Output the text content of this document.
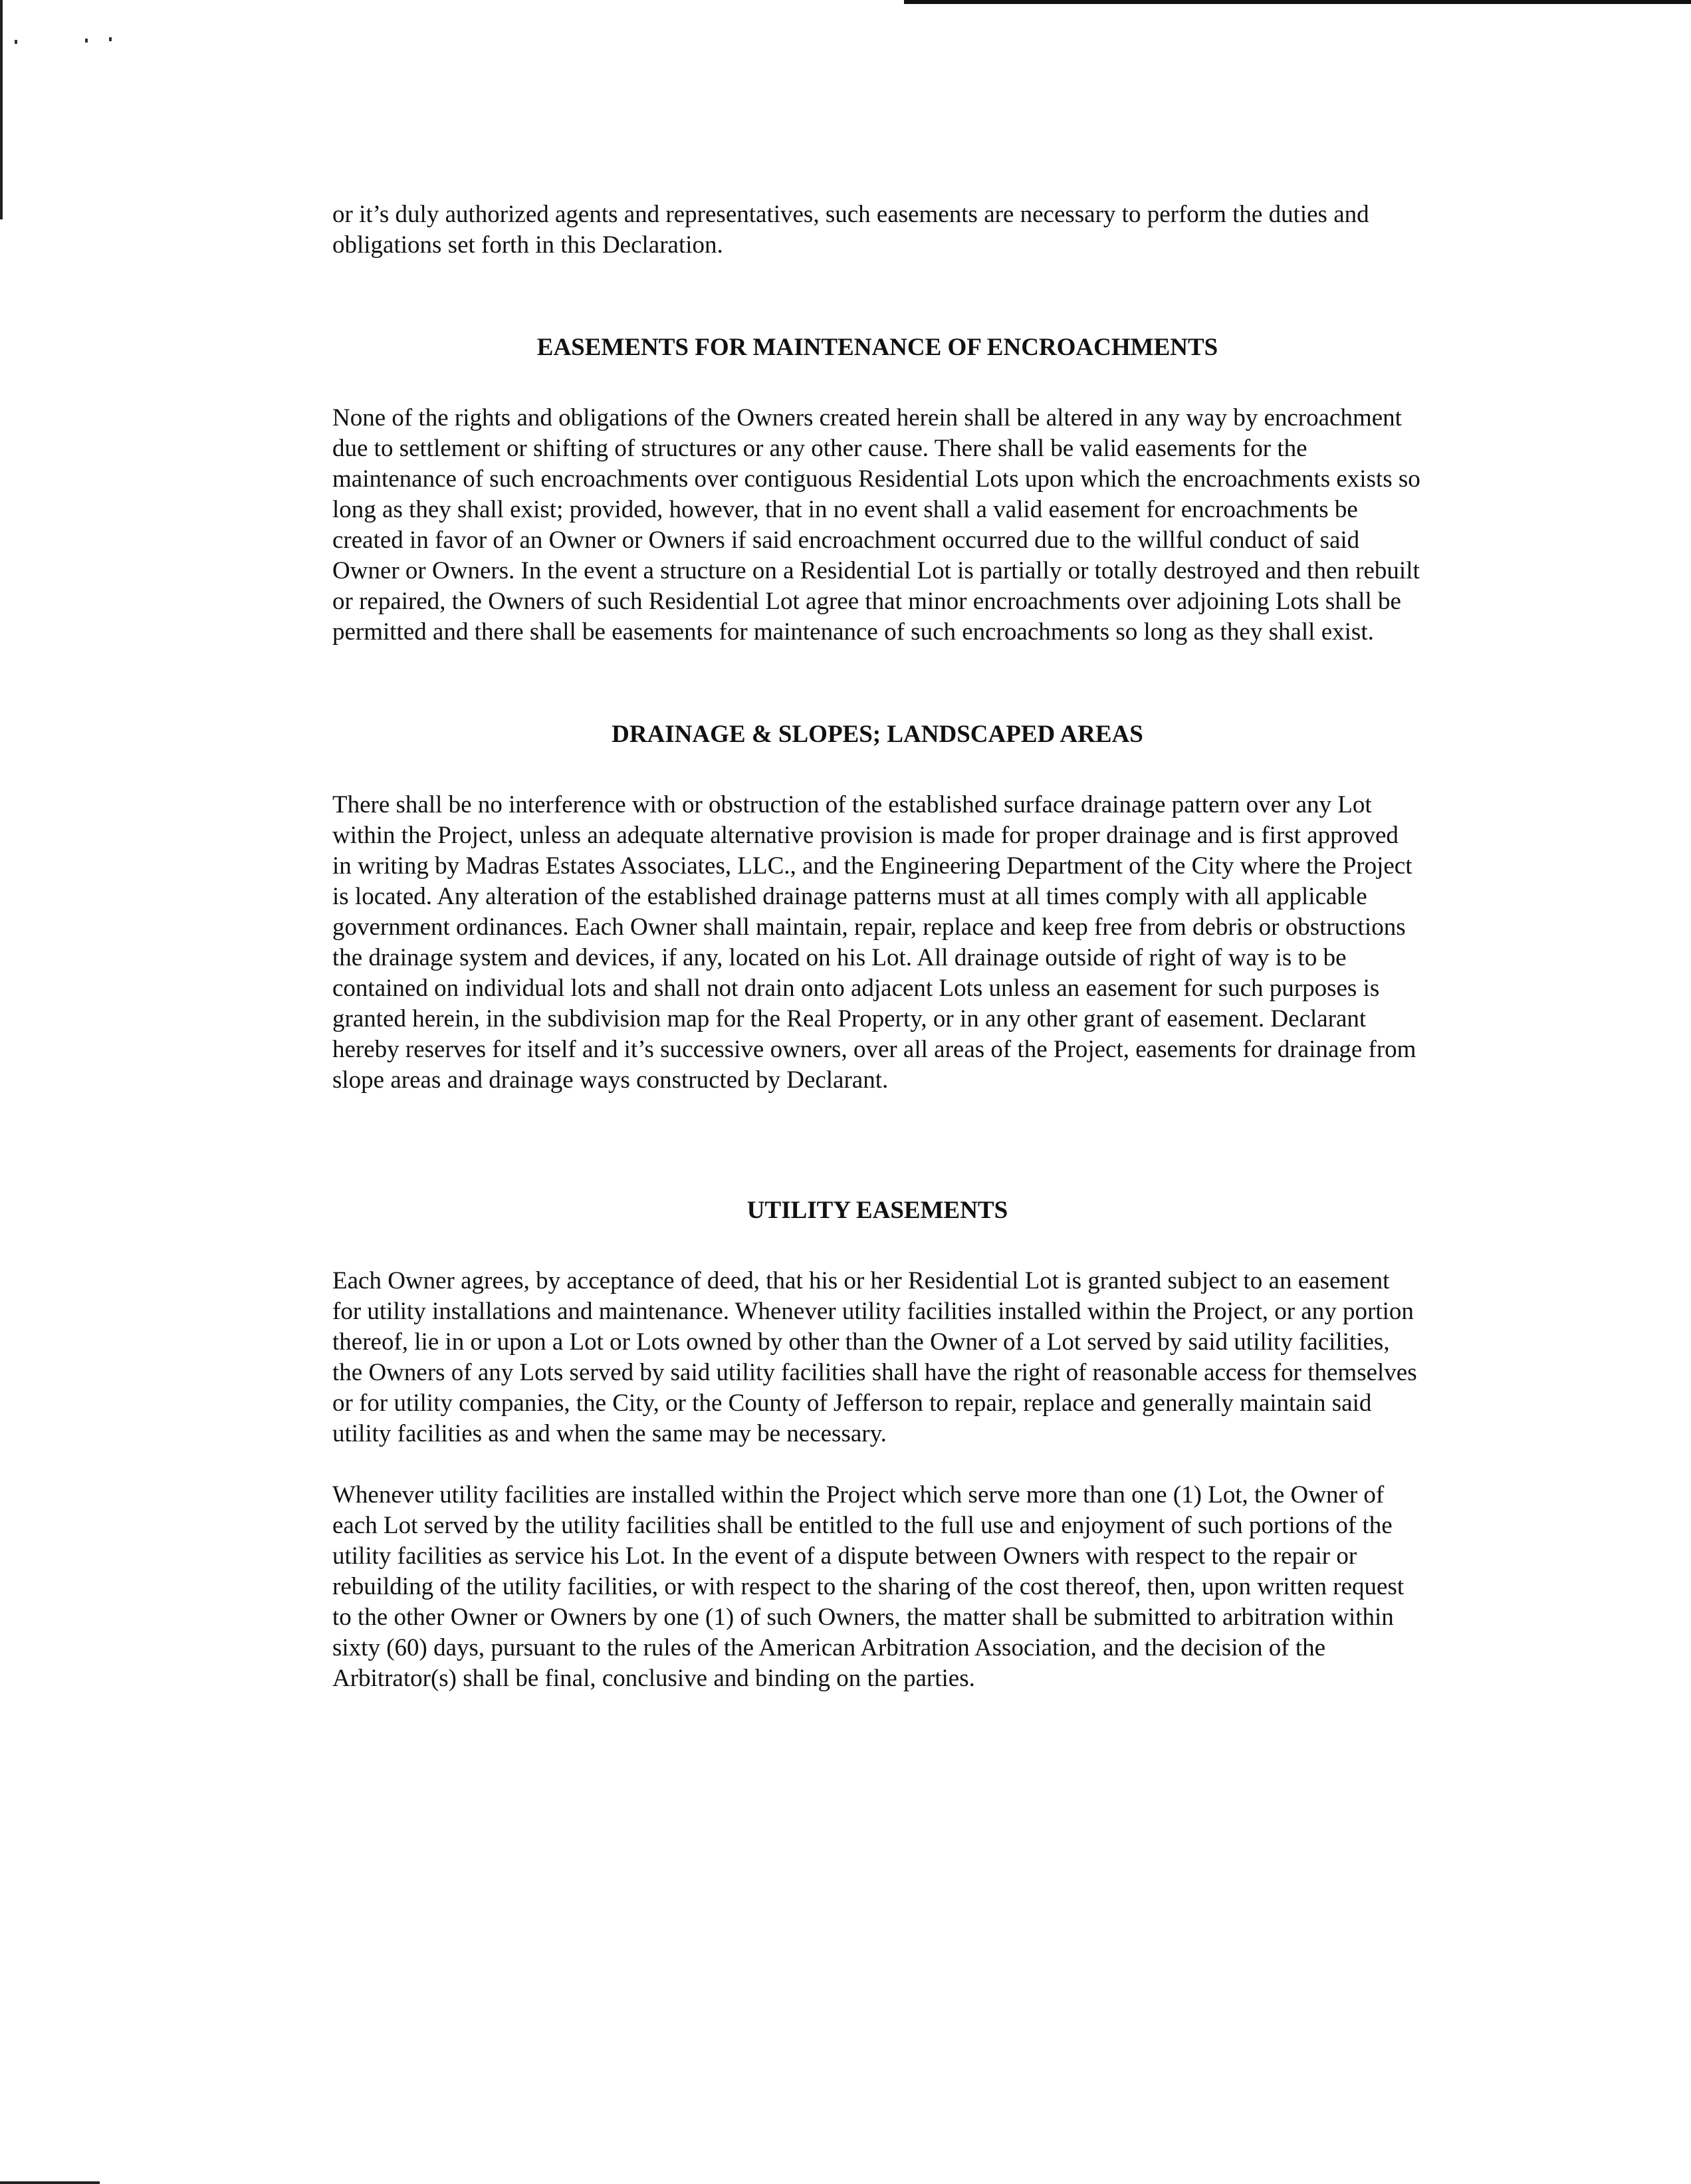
or it’s duly authorized agents and representatives, such easements are necessary to perform the duties and obligations set forth in this Declaration.

EASEMENTS FOR MAINTENANCE OF ENCROACHMENTS

None of the rights and obligations of the Owners created herein shall be altered in any way by encroachment due to settlement or shifting of structures or any other cause. There shall be valid easements for the maintenance of such encroachments over contiguous Residential Lots upon which the encroachments exists so long as they shall exist; provided, however, that in no event shall a valid easement for encroachments be created in favor of an Owner or Owners if said encroachment occurred due to the willful conduct of said Owner or Owners. In the event a structure on a Residential Lot is partially or totally destroyed and then rebuilt or repaired, the Owners of such Residential Lot agree that minor encroachments over adjoining Lots shall be permitted and there shall be easements for maintenance of such encroachments so long as they shall exist.

DRAINAGE & SLOPES; LANDSCAPED AREAS

There shall be no interference with or obstruction of the established surface drainage pattern over any Lot within the Project, unless an adequate alternative provision is made for proper drainage and is first approved in writing by Madras Estates Associates, LLC., and the Engineering Department of the City where the Project is located. Any alteration of the established drainage patterns must at all times comply with all applicable government ordinances. Each Owner shall maintain, repair, replace and keep free from debris or obstructions the drainage system and devices, if any, located on his Lot. All drainage outside of right of way is to be contained on individual lots and shall not drain onto adjacent Lots unless an easement for such purposes is granted herein, in the subdivision map for the Real Property, or in any other grant of easement. Declarant hereby reserves for itself and it’s successive owners, over all areas of the Project, easements for drainage from slope areas and drainage ways constructed by Declarant.

UTILITY EASEMENTS

Each Owner agrees, by acceptance of deed, that his or her Residential Lot is granted subject to an easement for utility installations and maintenance. Whenever utility facilities installed within the Project, or any portion thereof, lie in or upon a Lot or Lots owned by other than the Owner of a Lot served by said utility facilities, the Owners of any Lots served by said utility facilities shall have the right of reasonable access for themselves or for utility companies, the City, or the County of Jefferson to repair, replace and generally maintain said utility facilities as and when the same may be necessary.

Whenever utility facilities are installed within the Project which serve more than one (1) Lot, the Owner of each Lot served by the utility facilities shall be entitled to the full use and enjoyment of such portions of the utility facilities as service his Lot. In the event of a dispute between Owners with respect to the repair or rebuilding of the utility facilities, or with respect to the sharing of the cost thereof, then, upon written request to the other Owner or Owners by one (1) of such Owners, the matter shall be submitted to arbitration within sixty (60) days, pursuant to the rules of the American Arbitration Association, and the decision of the Arbitrator(s) shall be final, conclusive and binding on the parties.
